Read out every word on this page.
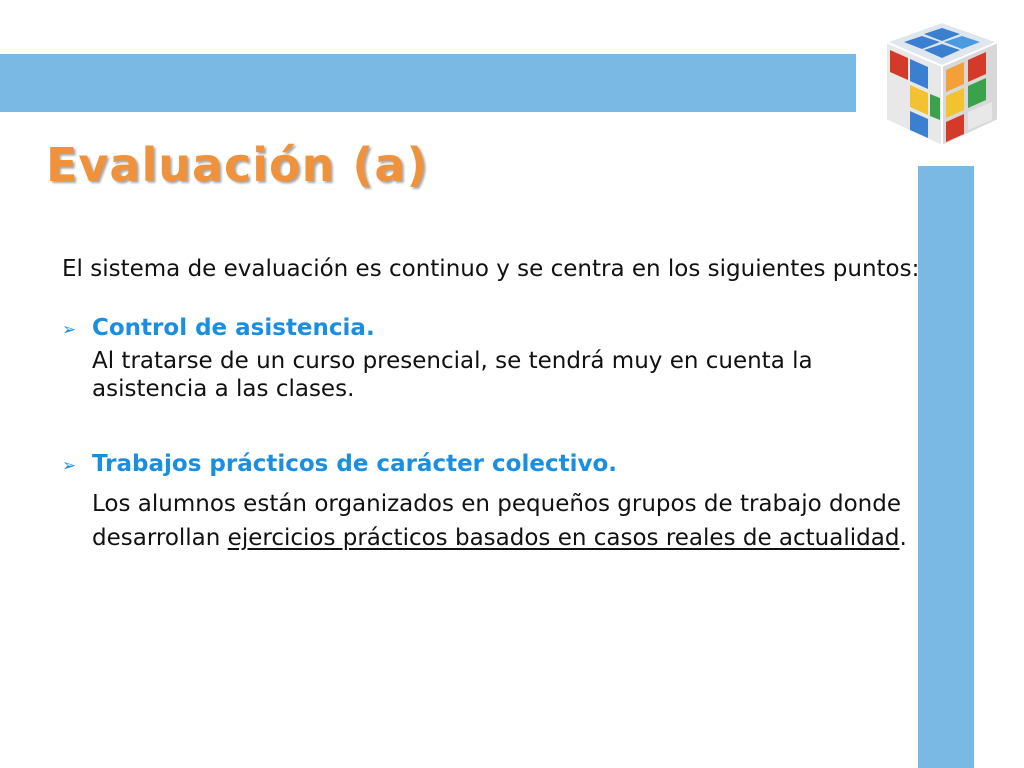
Evaluación (a)

El sistema de evaluación es continuo y se centra en los siguientes puntos:

➢ Control de asistencia.

Al tratarse de un curso presencial, se tendrá muy en cuenta la asistencia a las clases.

➢ Trabajos prácticos de carácter colectivo.

Los alumnos están organizados en pequeños grupos de trabajo donde desarrollan ejercicios prácticos basados en casos reales de actualidad.
